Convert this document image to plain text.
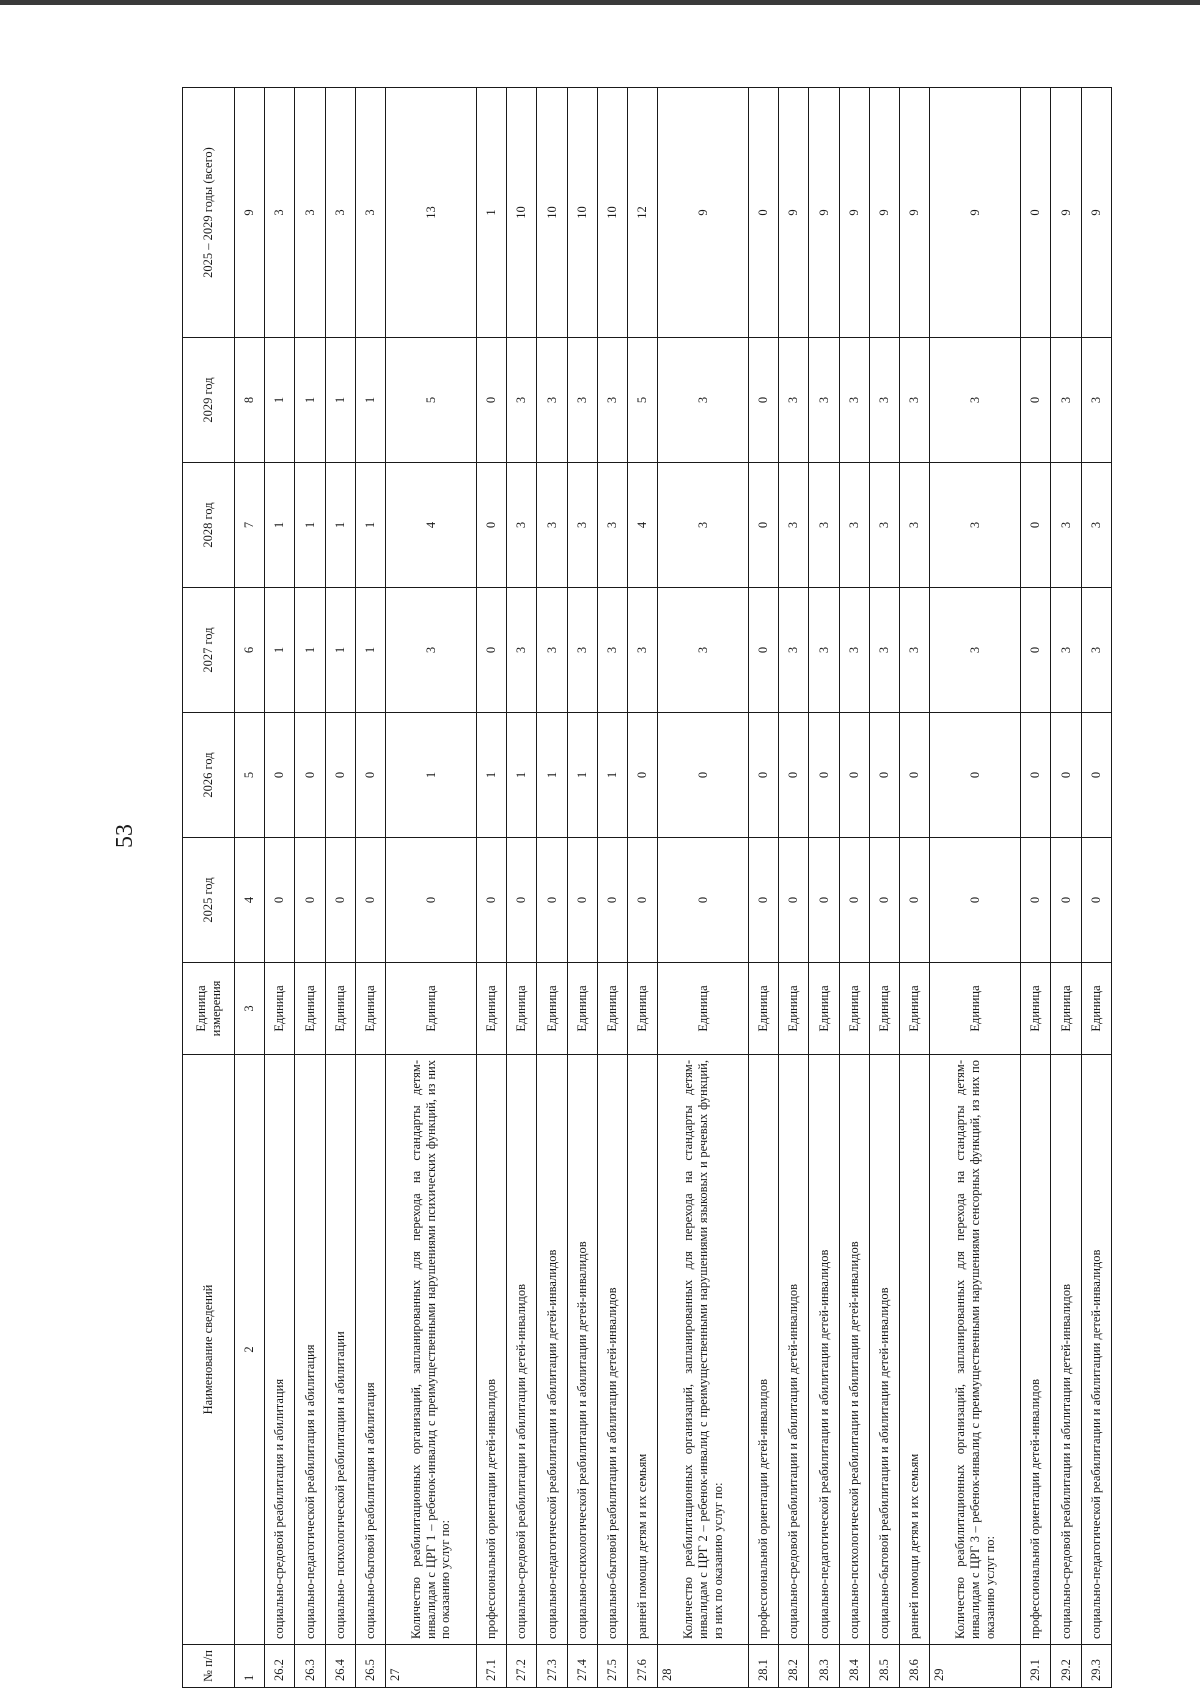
53
№ п/п	Наименование сведений	Единица измерения	2025 год	2026 год	2027 год	2028 год	2029 год	2025 – 2029 годы (всего)
1	2	3	4	5	6	7	8	9
26.2	социально-средовой реабилитация и абилитация	Единица	0	0	1	1	1	3
26.3	социально-педагогической реабилитация и абилитация	Единица	0	0	1	1	1	3
26.4	социально- психологической реабилитации и абилитации	Единица	0	0	1	1	1	3
26.5	социально-бытовой реабилитация и абилитация	Единица	0	0	1	1	1	3
27	Количество реабилитационных организаций, запланированных для перехода на стандарты детям-инвалидам с ЦРГ 1 – ребенок-инвалид с преимущественными нарушениями психических функций, из них по оказанию услуг по:	Единица	0	1	3	4	5	13
27.1	профессиональной ориентации детей-инвалидов	Единица	0	1	0	0	0	1
27.2	социально-средовой реабилитации и абилитации детей-инвалидов	Единица	0	1	3	3	3	10
27.3	социально-педагогической реабилитации и абилитации детей-инвалидов	Единица	0	1	3	3	3	10
27.4	социально-психологической реабилитации и абилитации детей-инвалидов	Единица	0	1	3	3	3	10
27.5	социально-бытовой реабилитации и абилитации детей-инвалидов	Единица	0	1	3	3	3	10
27.6	ранней помощи детям и их семьям	Единица	0	0	3	4	5	12
28	Количество реабилитационных организаций, запланированных для перехода на стандарты детям-инвалидам с ЦРГ 2 – ребенок-инвалид с преимущественными нарушениями языковых и речевых функций, из них по оказанию услуг по:	Единица	0	0	3	3	3	9
28.1	профессиональной ориентации детей-инвалидов	Единица	0	0	0	0	0	0
28.2	социально-средовой реабилитации и абилитации детей-инвалидов	Единица	0	0	3	3	3	9
28.3	социально-педагогической реабилитации и абилитации детей-инвалидов	Единица	0	0	3	3	3	9
28.4	социально-психологической реабилитации и абилитации детей-инвалидов	Единица	0	0	3	3	3	9
28.5	социально-бытовой реабилитации и абилитации детей-инвалидов	Единица	0	0	3	3	3	9
28.6	ранней помощи детям и их семьям	Единица	0	0	3	3	3	9
29	Количество реабилитационных организаций, запланированных для перехода на стандарты детям-инвалидам с ЦРГ 3 – ребенок-инвалид с преимущественными нарушениями сенсорных функций, из них по оказанию услуг по:	Единица	0	0	3	3	3	9
29.1	профессиональной ориентации детей-инвалидов	Единица	0	0	0	0	0	0
29.2	социально-средовой реабилитации и абилитации детей-инвалидов	Единица	0	0	3	3	3	9
29.3	социально-педагогической реабилитации и абилитации детей-инвалидов	Единица	0	0	3	3	3	9
